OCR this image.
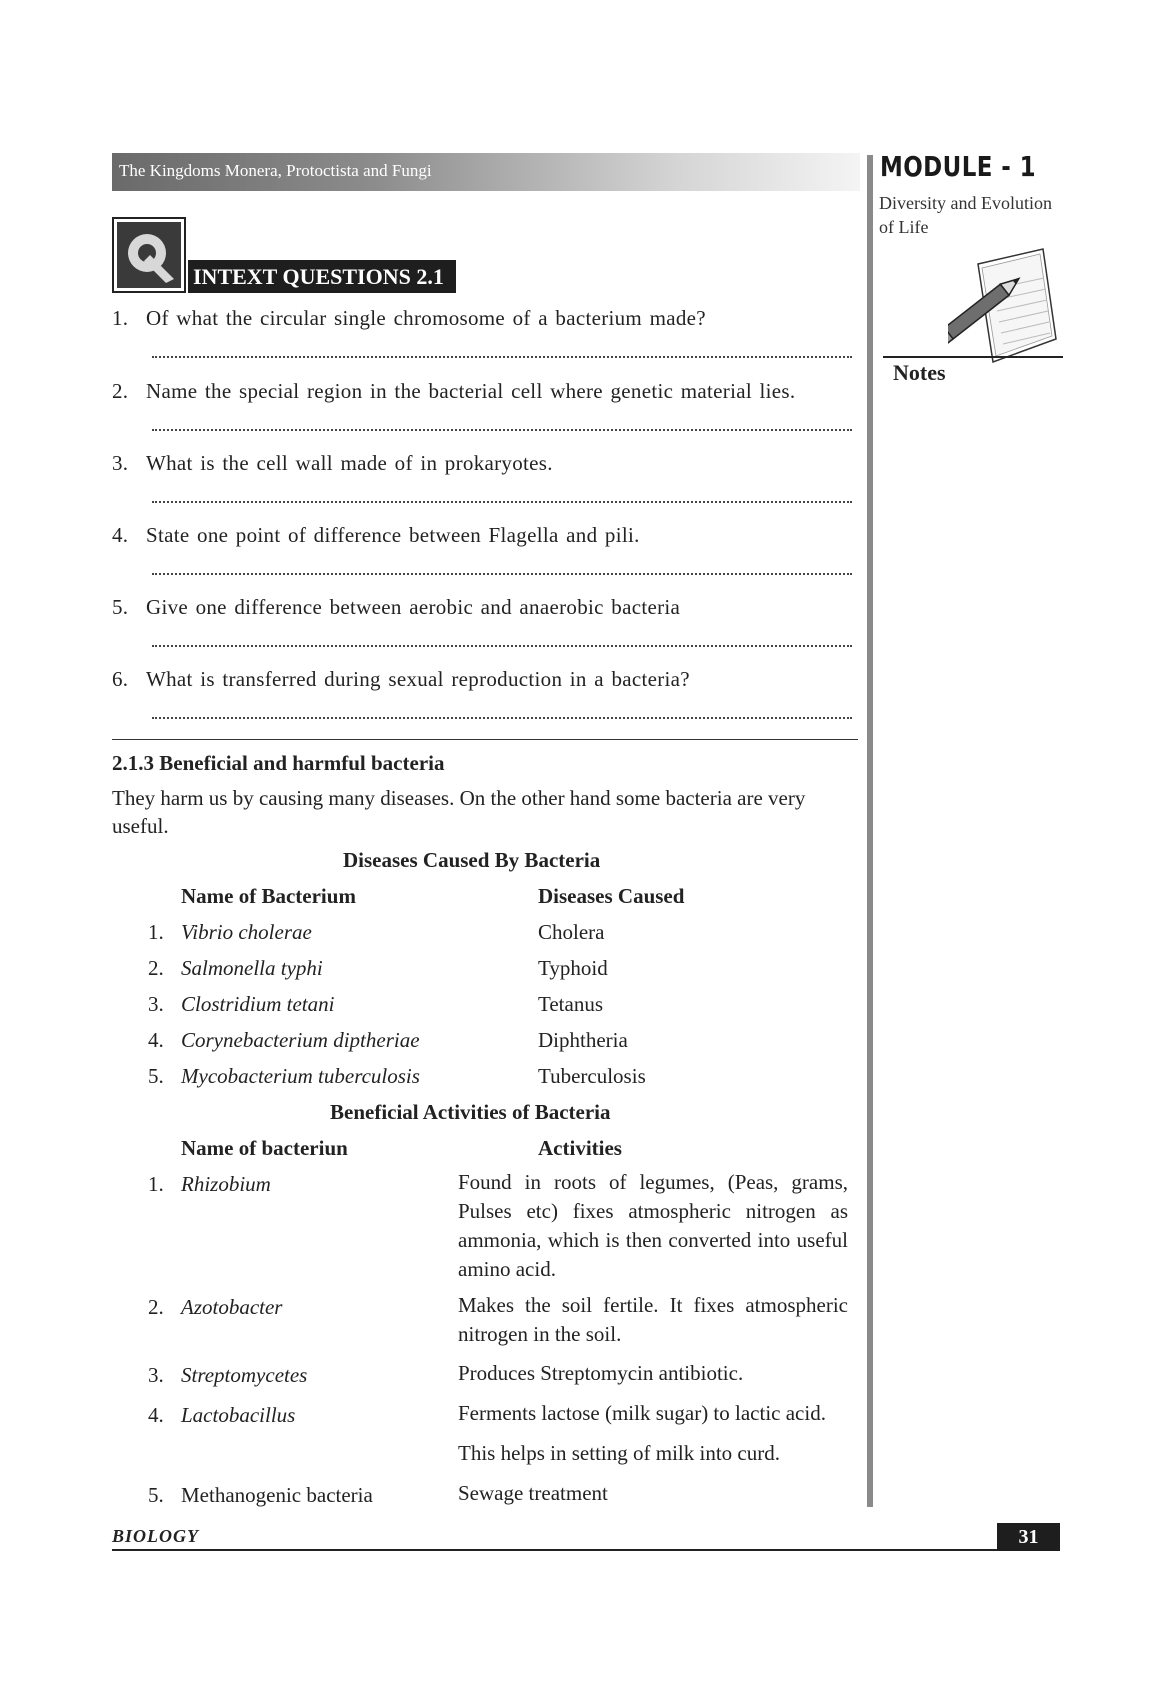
The Kingdoms Monera, Protoctista and Fungi	MODULE - 1
Diversity and Evolution of Life
Notes
INTEXT QUESTIONS 2.1
1. Of what the circular single chromosome of a bacterium made?
2. Name the special region in the bacterial cell where genetic material lies.
3. What is the cell wall made of in prokaryotes.
4. State one point of difference between Flagella and pili.
5. Give one difference between aerobic and anaerobic bacteria
6. What is transferred during sexual reproduction in a bacteria?
2.1.3 Beneficial and harmful bacteria
They harm us by causing many diseases. On the other hand some bacteria are very useful.
Diseases Caused By Bacteria
Name of Bacterium	Diseases Caused
1. Vibrio cholerae	Cholera
2. Salmonella typhi	Typhoid
3. Clostridium tetani	Tetanus
4. Corynebacterium diptheriae	Diphtheria
5. Mycobacterium tuberculosis	Tuberculosis
Beneficial Activities of Bacteria
Name of bacteriun	Activities
1. Rhizobium	Found in roots of legumes, (Peas, grams, Pulses etc) fixes atmospheric nitrogen as ammonia, which is then converted into useful amino acid.
2. Azotobacter	Makes the soil fertile. It fixes atmospheric nitrogen in the soil.
3. Streptomycetes	Produces Streptomycin antibiotic.
4. Lactobacillus	Ferments lactose (milk sugar) to lactic acid.
This helps in setting of milk into curd.
5. Methanogenic bacteria	Sewage treatment
BIOLOGY	31
